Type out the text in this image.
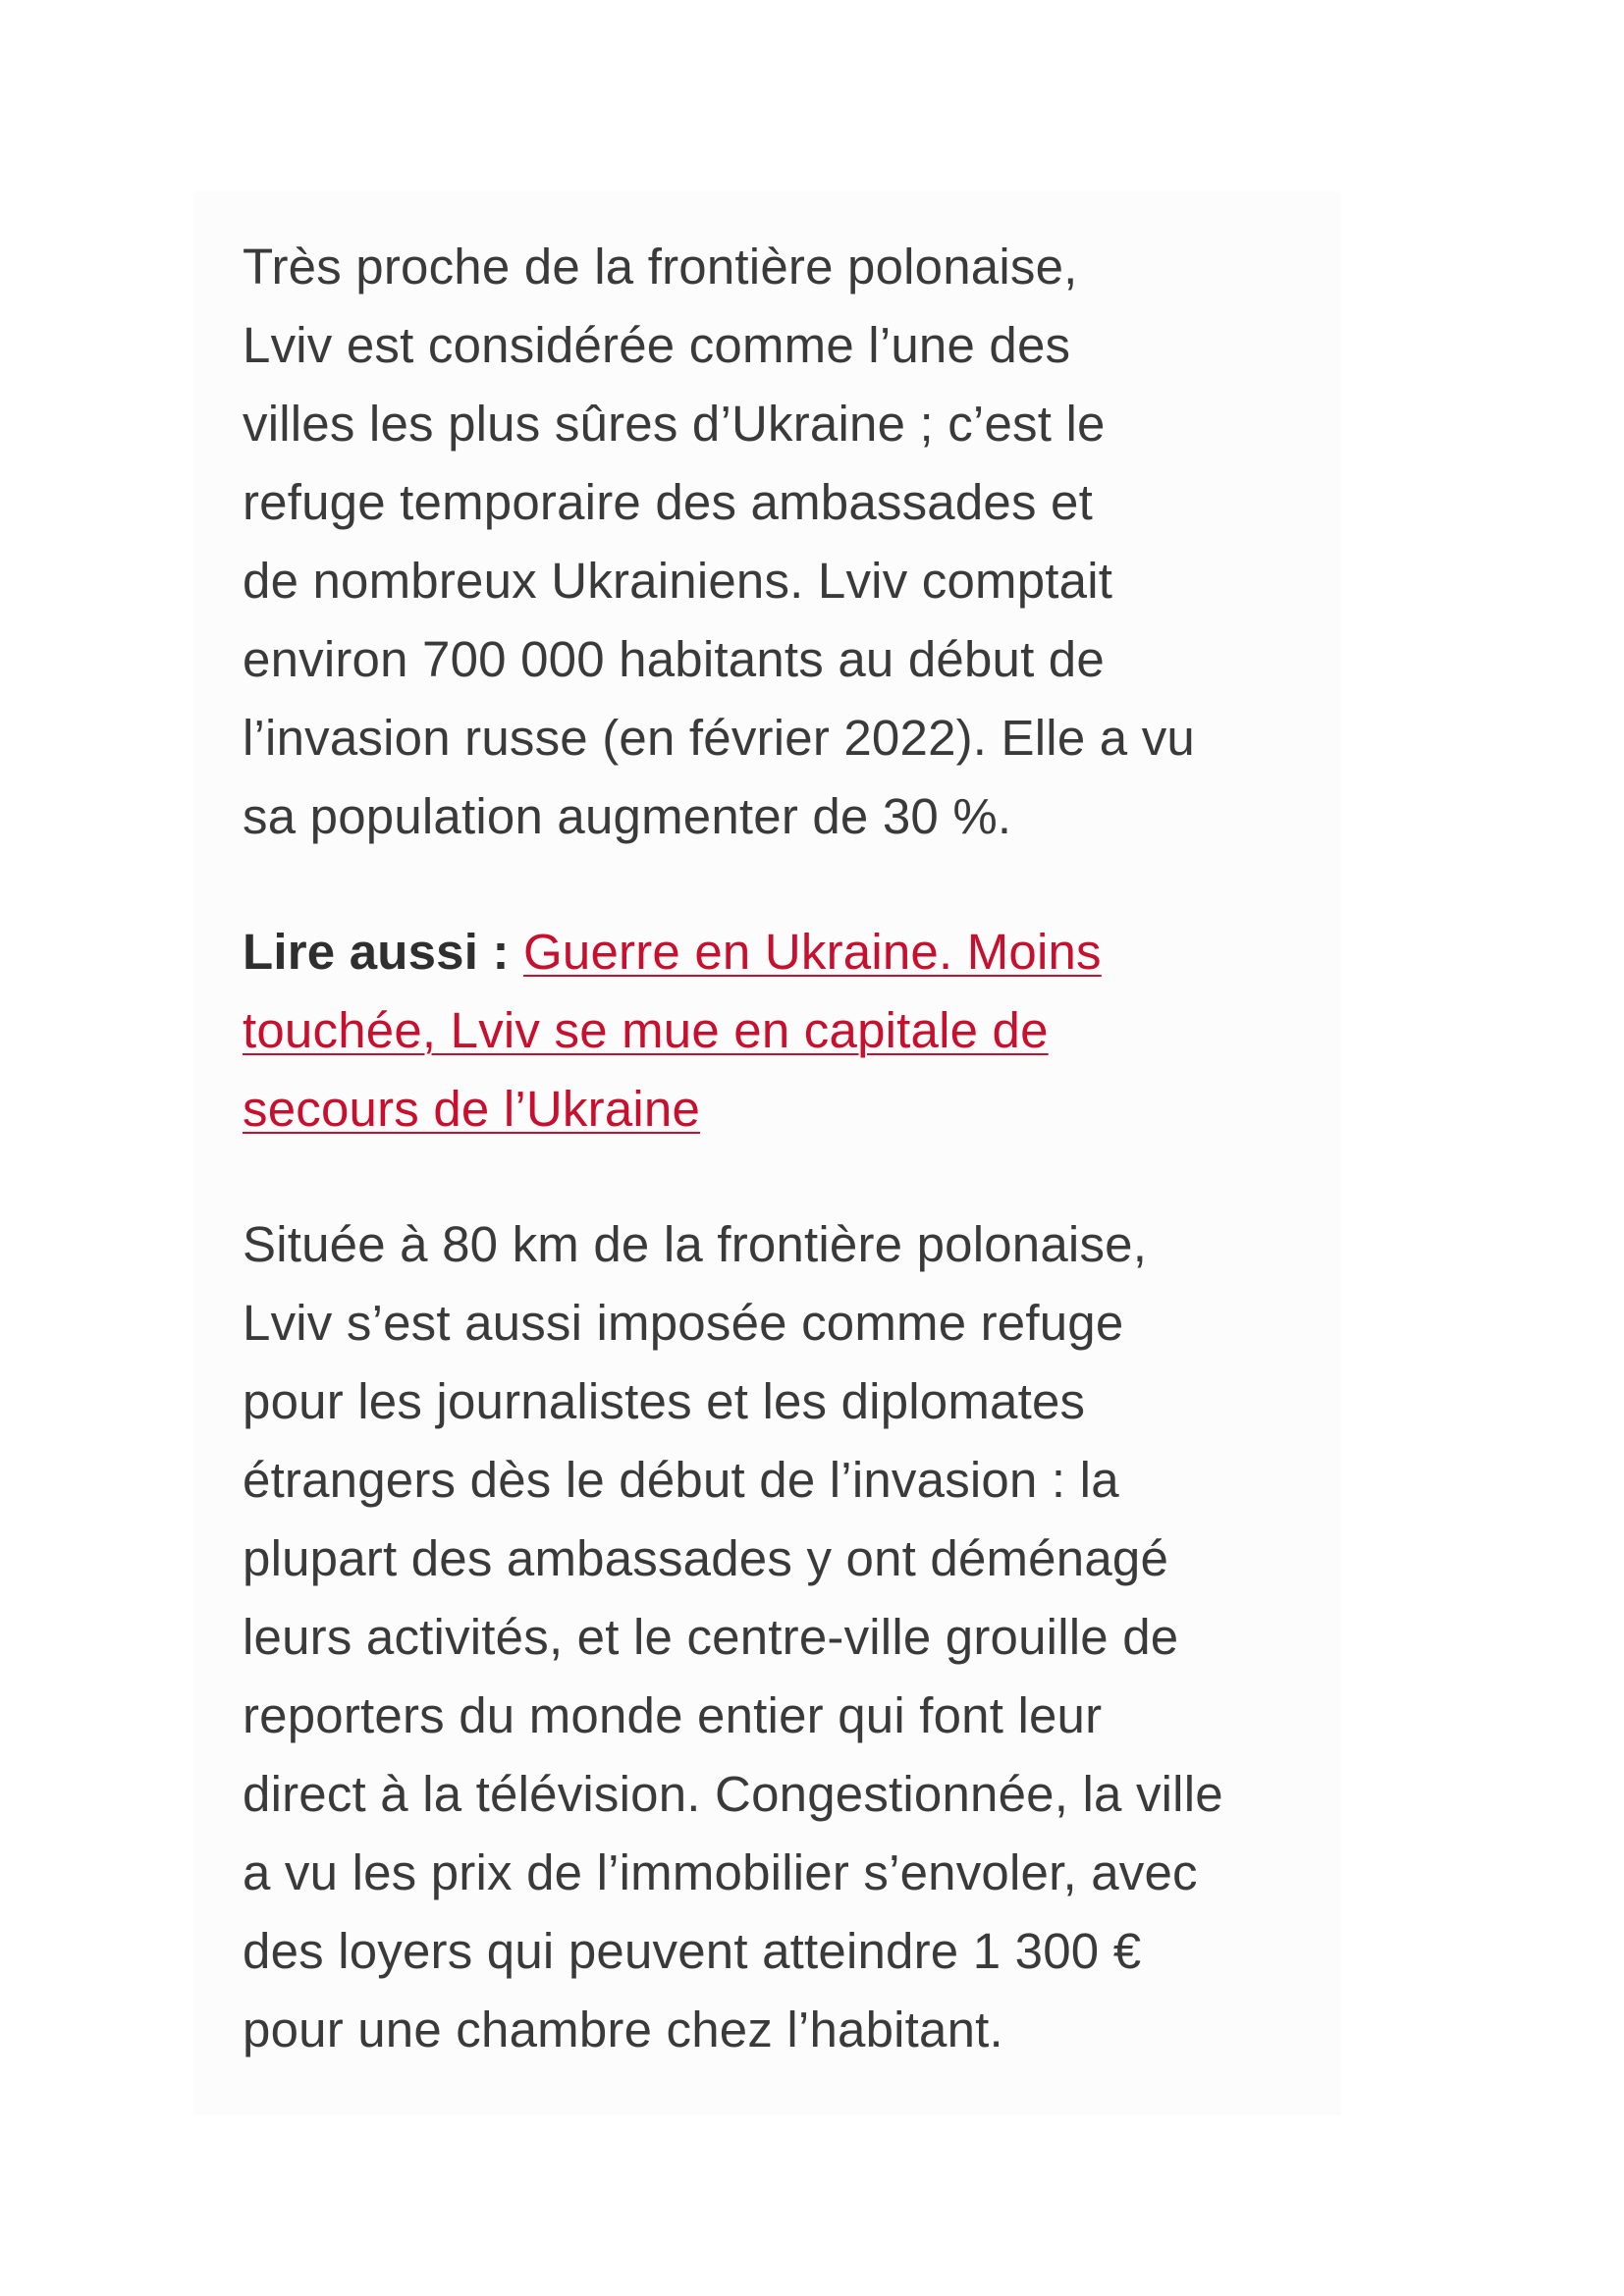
Très proche de la frontière polonaise,
Lviv est considérée comme l’une des
villes les plus sûres d’Ukraine ; c’est le
refuge temporaire des ambassades et
de nombreux Ukrainiens. Lviv comptait
environ 700 000 habitants au début de
l’invasion russe (en février 2022). Elle a vu
sa population augmenter de 30 %.

Lire aussi : Guerre en Ukraine. Moins
touchée, Lviv se mue en capitale de
secours de l’Ukraine

Située à 80 km de la frontière polonaise,
Lviv s’est aussi imposée comme refuge
pour les journalistes et les diplomates
étrangers dès le début de l’invasion : la
plupart des ambassades y ont déménagé
leurs activités, et le centre-ville grouille de
reporters du monde entier qui font leur
direct à la télévision. Congestionnée, la ville
a vu les prix de l’immobilier s’envoler, avec
des loyers qui peuvent atteindre 1 300 €
pour une chambre chez l’habitant.
